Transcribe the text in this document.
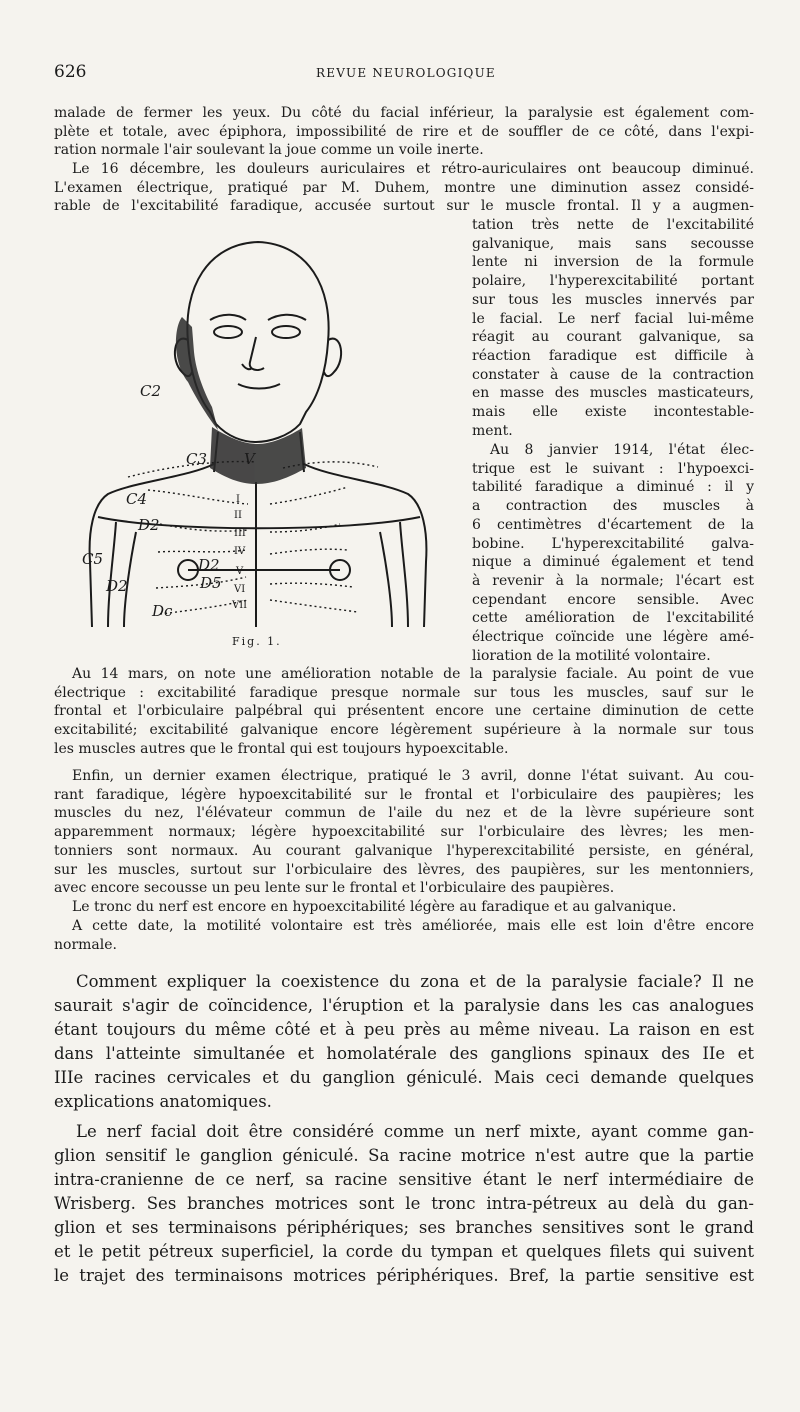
626	REVUE NEUROLOGIQUE

malade de fermer les yeux. Du côté du facial inférieur, la paralysie est également com-
plète et totale, avec épiphora, impossibilité de rire et de souffler de ce côté, dans l'expi-
ration normale l'air soulevant la joue comme un voile inerte.

Le 16 décembre, les douleurs auriculaires et rétro-auriculaires ont beaucoup diminué.
L'examen électrique, pratiqué par M. Duhem, montre une diminution assez considé-
rable de l'excitabilité faradique, accusée surtout sur le muscle frontal. Il y a augmen-

tation très nette de l'excitabilité
galvanique, mais sans secousse
lente ni inversion de la formule
polaire, l'hyperexcitabilité portant
sur tous les muscles innervés par
le facial. Le nerf facial lui-même
réagit au courant galvanique, sa
réaction faradique est difficile à
constater à cause de la contraction
en masse des muscles masticateurs,
mais elle existe incontestable-
ment.

Au 8 janvier 1914, l'état élec-
trique est le suivant : l'hypoexci-
tabilité faradique a diminué : il y
a contraction des muscles à
6 centimètres d'écartement de la
bobine. L'hyperexcitabilité galva-
nique a diminué également et tend
à revenir à la normale; l'écart est
cependant encore sensible. Avec
cette amélioration de l'excitabilité
électrique coïncide une légère amé-
lioration de la motilité volontaire.

C2
C3
C4
C5
D2
D2
D2
D5
Dc
V
I
II
III
IV
V
VI
VII
Fig. 1.

Au 14 mars, on note une amélioration notable de la paralysie faciale. Au point de vue
électrique : excitabilité faradique presque normale sur tous les muscles, sauf sur le
frontal et l'orbiculaire palpébral qui présentent encore une certaine diminution de cette
excitabilité; excitabilité galvanique encore légèrement supérieure à la normale sur tous
les muscles autres que le frontal qui est toujours hypoexcitable.

Enfin, un dernier examen électrique, pratiqué le 3 avril, donne l'état suivant. Au cou-
rant faradique, légère hypoexcitabilité sur le frontal et l'orbiculaire des paupières; les
muscles du nez, l'élévateur commun de l'aile du nez et de la lèvre supérieure sont
apparemment normaux; légère hypoexcitabilité sur l'orbiculaire des lèvres; les men-
tonniers sont normaux. Au courant galvanique l'hyperexcitabilité persiste, en général,
sur les muscles, surtout sur l'orbiculaire des lèvres, des paupières, sur les mentonniers,
avec encore secousse un peu lente sur le frontal et l'orbiculaire des paupières.

Le tronc du nerf est encore en hypoexcitabilité légère au faradique et au galvanique.

A cette date, la motilité volontaire est très améliorée, mais elle est loin d'être encore
normale.

Comment expliquer la coexistence du zona et de la paralysie faciale? Il ne
saurait s'agir de coïncidence, l'éruption et la paralysie dans les cas analogues
étant toujours du même côté et à peu près au même niveau. La raison en est
dans l'atteinte simultanée et homolatérale des ganglions spinaux des IIe et
IIIe racines cervicales et du ganglion géniculé. Mais ceci demande quelques
explications anatomiques.

Le nerf facial doit être considéré comme un nerf mixte, ayant comme gan-
glion sensitif le ganglion géniculé. Sa racine motrice n'est autre que la partie
intra-cranienne de ce nerf, sa racine sensitive étant le nerf intermédiaire de
Wrisberg. Ses branches motrices sont le tronc intra-pétreux au delà du gan-
glion et ses terminaisons périphériques; ses branches sensitives sont le grand
et le petit pétreux superficiel, la corde du tympan et quelques filets qui suivent
le trajet des terminaisons motrices périphériques. Bref, la partie sensitive est
